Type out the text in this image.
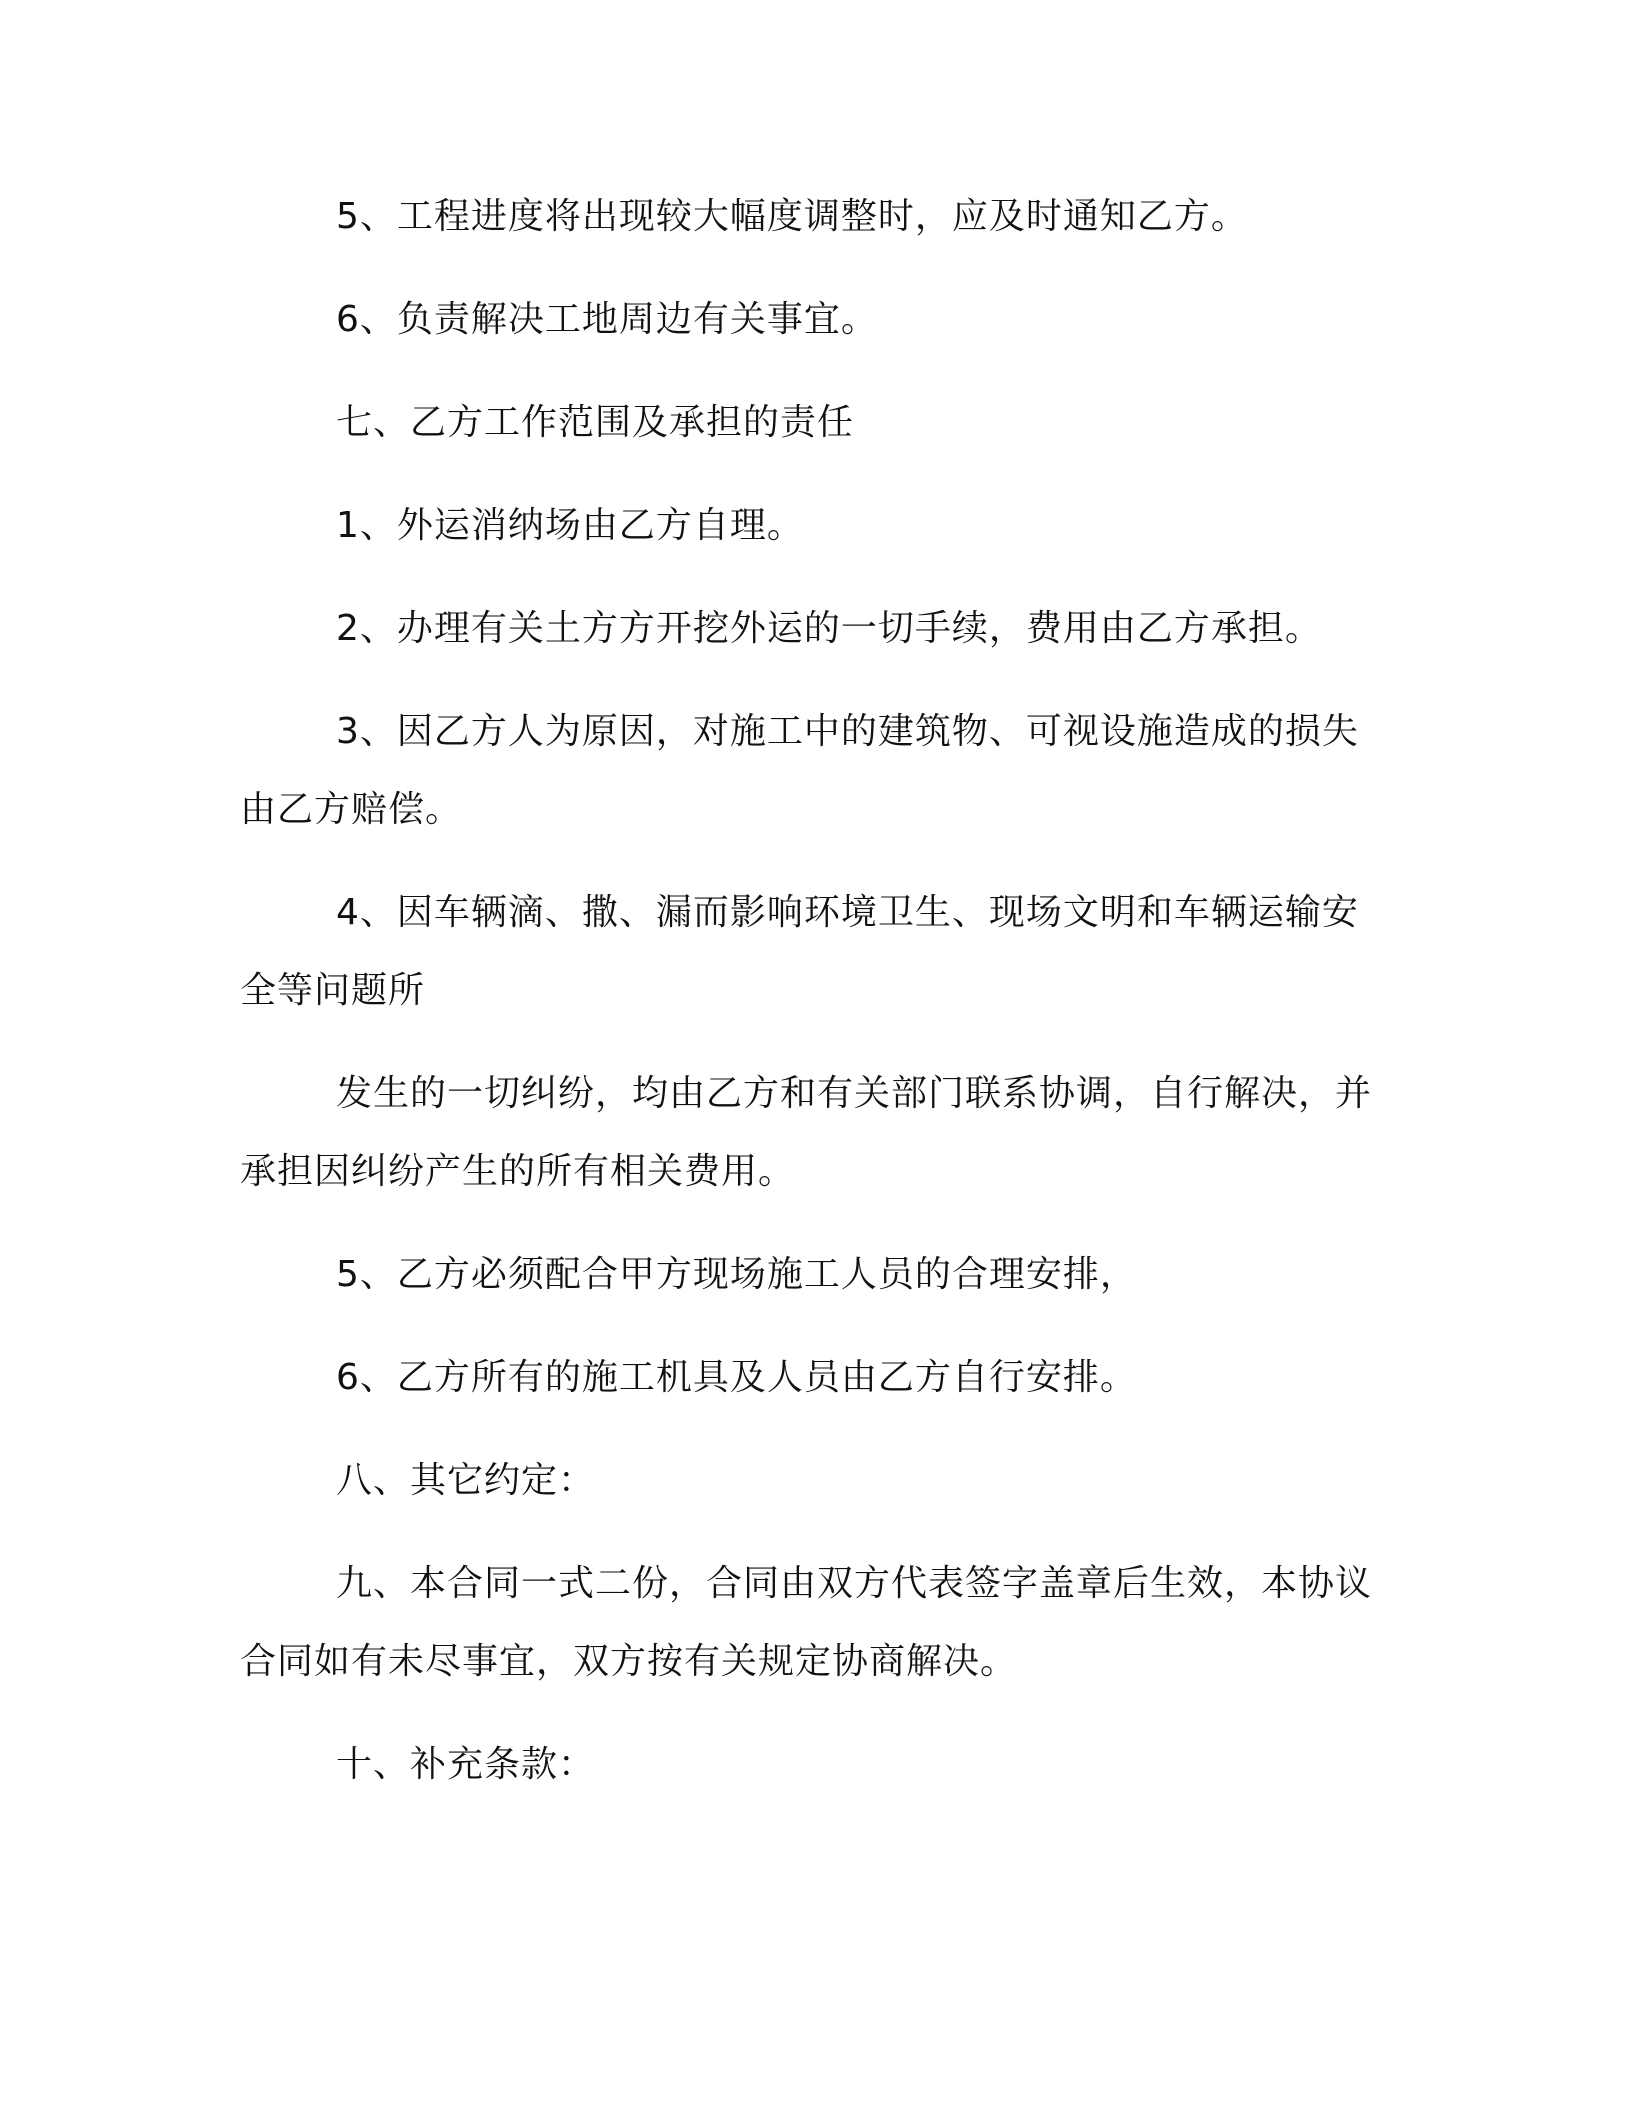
5、工程进度将出现较大幅度调整时，应及时通知乙方。
6、负责解决工地周边有关事宜。
七、乙方工作范围及承担的责任
1、外运消纳场由乙方自理。
2、办理有关土方方开挖外运的一切手续，费用由乙方承担。
3、因乙方人为原因，对施工中的建筑物、可视设施造成的损失
由乙方赔偿。
4、因车辆滴、撒、漏而影响环境卫生、现场文明和车辆运输安
全等问题所
发生的一切纠纷，均由乙方和有关部门联系协调，自行解决，并
承担因纠纷产生的所有相关费用。
5、乙方必须配合甲方现场施工人员的合理安排，
6、乙方所有的施工机具及人员由乙方自行安排。
八、其它约定：
九、本合同一式二份，合同由双方代表签字盖章后生效，本协议
合同如有未尽事宜，双方按有关规定协商解决。
十、补充条款：
